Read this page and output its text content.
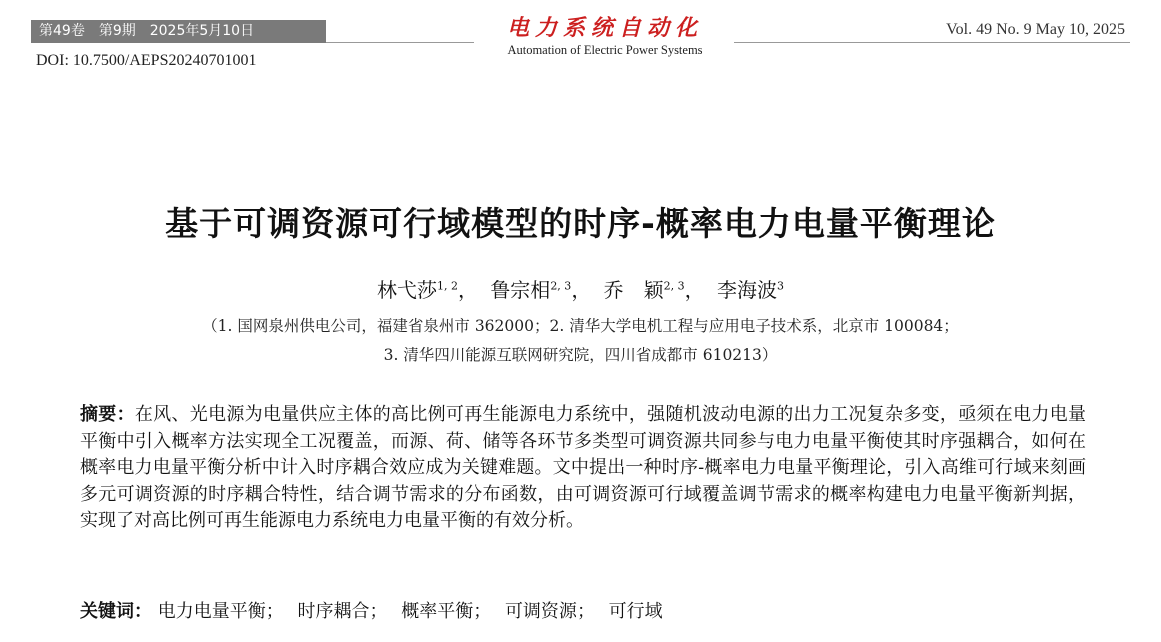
第49卷　第9期　2025年5月10日	电力系统自动化
Automation of Electric Power Systems
Vol. 49 No. 9 May 10, 2025
DOI: 10.7500/AEPS20240701001
基于可调资源可行域模型的时序-概率电力电量平衡理论
林弋莎$^{1, 2}$， 鲁宗相$^{2, 3}$， 乔　颖$^{2, 3}$， 李海波$^3$
（1. 国网泉州供电公司，福建省泉州市 362000；2. 清华大学电机工程与应用电子技术系，北京市 100084；
3. 清华四川能源互联网研究院，四川省成都市 610213）
摘要：在风、光电源为电量供应主体的高比例可再生能源电力系统中，强随机波动电源的出力工况复杂多变，亟须在电力电量平衡中引入概率方法实现全工况覆盖，而源、荷、储等各环节多类型可调资源共同参与电力电量平衡使其时序强耦合，如何在概率电力电量平衡分析中计入时序耦合效应成为关键难题。文中提出一种时序-概率电力电量平衡理论，引入高维可行域来刻画多元可调资源的时序耦合特性，结合调节需求的分布函数，由可调资源可行域覆盖调节需求的概率构建电力电量平衡新判据，实现了对高比例可再生能源电力系统电力电量平衡的有效分析。
关键词： 电力电量平衡； 时序耦合； 概率平衡； 可调资源； 可行域
